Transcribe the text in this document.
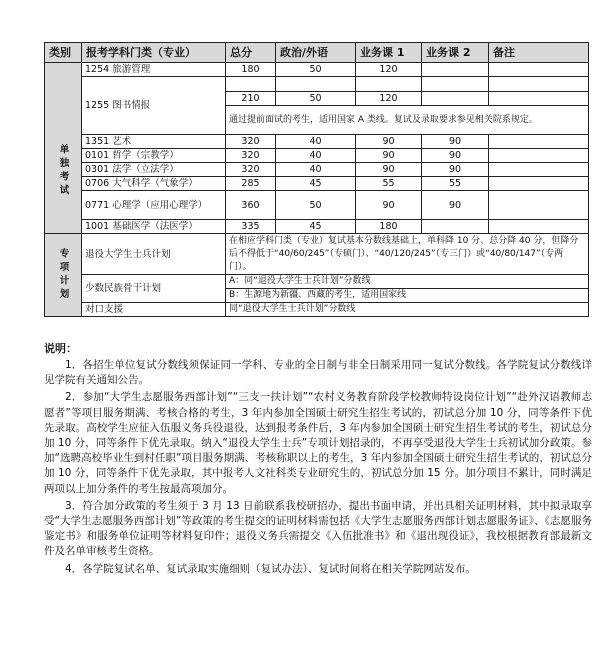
类别	报考学科门类（专业）	总分	政治/外语	业务课 1	业务课 2	备注

单独考试	1254 旅游管理	180	50	120		
	1255 图书情报					
		210	50	120		
		通过提前面试的考生，适用国家 A 类线。复试及录取要求参见相关院系规定。				
	1351 艺术	320	40	90	90	
	0101 哲学（宗教学）	320	40	90	90	
	0301 法学（立法学）	320	40	90	90	
	0706 大气科学（气象学）	285	45	55	55	
	0771 心理学（应用心理学）	360	50	90	90	
	1001 基础医学（法医学）	335	45	180		

专项计划	退役大学生士兵计划	在相应学科门类（专业）复试基本分数线基础上，单科降 10 分、总分降 40 分，但降分后不得低于“40/60/245”（专硕门）、“40/120/245”（专三门）或“40/80/147”（专两门）。				
	少数民族骨干计划	A：同“退役大学生士兵计划”分数线				
		B：生源地为新疆、西藏的考生，适用国家线				
	对口支援	同“退役大学生士兵计划”分数线				
说明：

1．各招生单位复试分数线须保证同一学科、专业的全日制与非全日制采用同一复试分数线。各学院复试分数线详见学院有关通知公告。

2．参加“大学生志愿服务西部计划”“三支一扶计划”“农村义务教育阶段学校教师特设岗位计划”“赴外汉语教师志愿者”等项目服务期满、考核合格的考生，3 年内参加全国硕士研究生招生考试的，初试总分加 10 分，同等条件下优先录取。高校学生应征入伍服义务兵役退役，达到报考条件后，3 年内参加全国硕士研究生招生考试的考生，初试总分加 10 分，同等条件下优先录取。纳入“退役大学生士兵”专项计划招录的，不再享受退役大学生士兵初试加分政策。参加“选聘高校毕业生到村任职”项目服务期满、考核称职以上的考生，3 年内参加全国硕士研究生招生考试的，初试总分加 10 分，同等条件下优先录取，其中报考人文社科类专业研究生的，初试总分加 15 分。加分项目不累计，同时满足两项以上加分条件的考生按最高项加分。

3．符合加分政策的考生须于 3 月 13 日前联系我校研招办，提出书面申请，并出具相关证明材料，其中拟录取享受“大学生志愿服务西部计划”等政策的考生提交的证明材料需包括《大学生志愿服务西部计划志愿服务证》、《志愿服务鉴定书》和服务单位证明等材料复印件；退役义务兵需提交《入伍批准书》和《退出现役证》，我校根据教育部最新文件及名单审核考生资格。

4．各学院复试名单、复试录取实施细则（复试办法）、复试时间将在相关学院网站发布。
